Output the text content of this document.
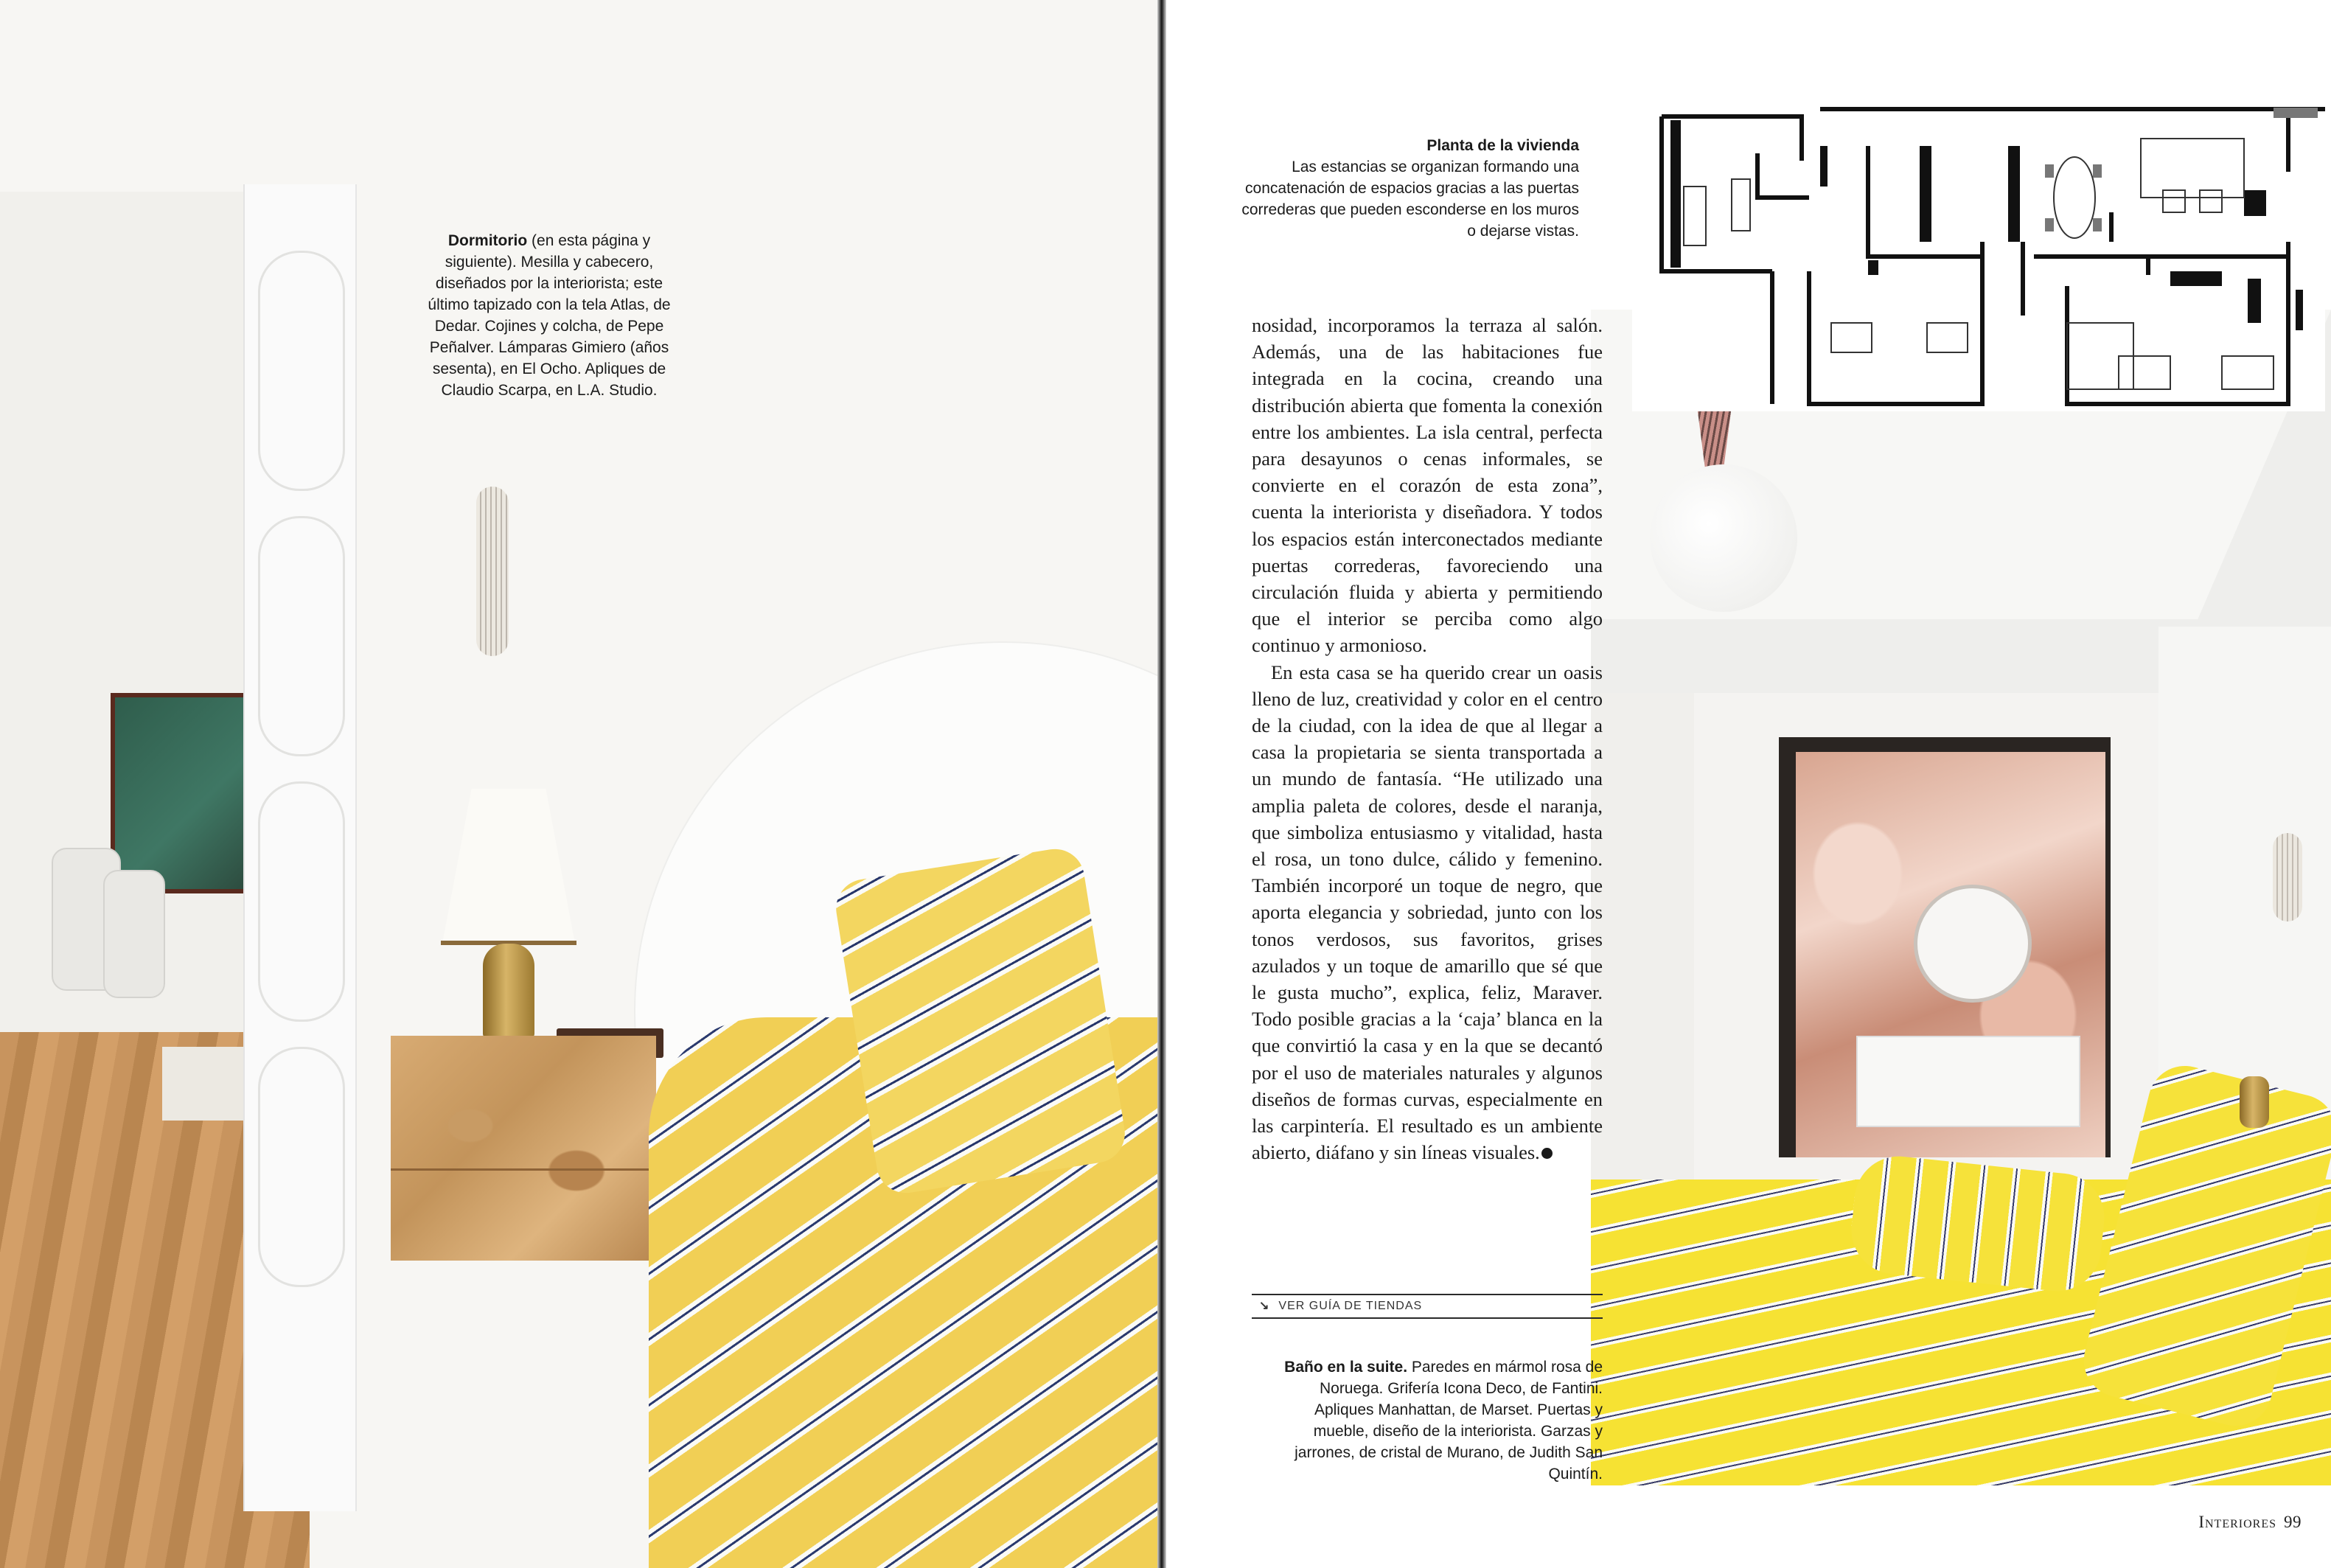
Dormitorio (en esta página y siguiente). Mesilla y cabecero, diseñados por la interiorista; este último tapizado con la tela Atlas, de Dedar. Cojines y colcha, de Pepe Peñalver. Lámparas Gimiero (años sesenta), en El Ocho. Apliques de Claudio Scarpa, en L.A. Studio.
Planta de la vivienda
Las estancias se organizan formando una concatenación de espacios gracias a las puertas correderas que pueden esconderse en los muros o dejarse vistas.

nosidad, incorporamos la terraza al salón. Además, una de las habitaciones fue integrada en la cocina, creando una distribución abierta que fomenta la conexión entre los ambientes. La isla central, perfecta para desayunos o cenas informales, se convierte en el corazón de esta zona”, cuenta la interiorista y diseñadora. Y todos los espacios están interconectados mediante puertas correderas, favoreciendo una circulación fluida y abierta y permitiendo que el interior se perciba como algo continuo y armonioso.

En esta casa se ha querido crear un oasis lleno de luz, creatividad y color en el centro de la ciudad, con la idea de que al llegar a casa la propietaria se sienta transportada a un mundo de fantasía. “He utilizado una amplia paleta de colores, desde el naranja, que simboliza entusiasmo y vitalidad, hasta el rosa, un tono dulce, cálido y femenino. También incorporé un toque de negro, que aporta elegancia y sobriedad, junto con los tonos verdosos, sus favoritos, grises azulados y un toque de amarillo que sé que le gusta mucho”, explica, feliz, Maraver. Todo posible gracias a la ‘caja’ blanca en la que convirtió la casa y en la que se decantó por el uso de materiales naturales y algunos diseños de formas curvas, especialmente en las carpintería. El resultado es un ambiente abierto, diáfano y sin líneas visuales.

↘ VER GUÍA DE TIENDAS
Baño en la suite. Paredes en mármol rosa de Noruega. Grifería Icona Deco, de Fantini. Apliques Manhattan, de Marset. Puertas y mueble, diseño de la interiorista. Garzas y jarrones, de cristal de Murano, de Judith San Quintín.
Interiores 99
